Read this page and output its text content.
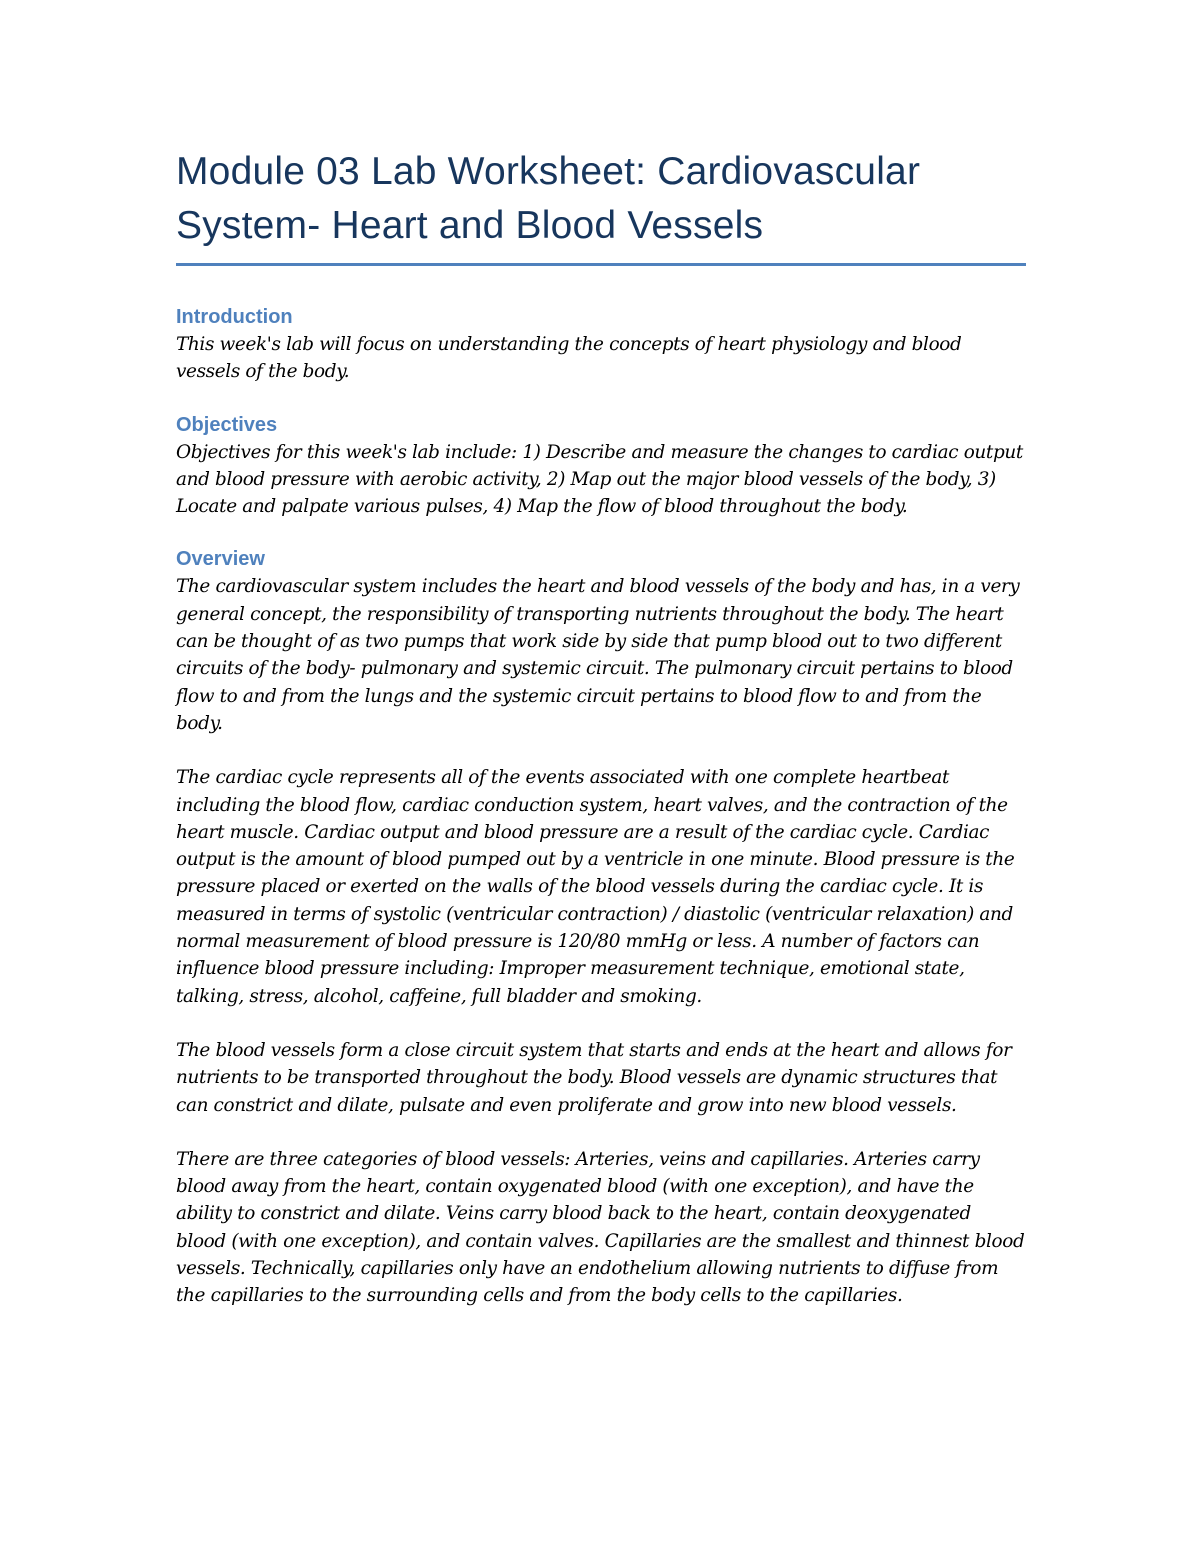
Module 03 Lab Worksheet: Cardiovascular
System- Heart and Blood Vessels
Introduction

This week's lab will focus on understanding the concepts of heart physiology and blood vessels of the body.

Objectives

Objectives for this week's lab include: 1) Describe and measure the changes to cardiac output and blood pressure with aerobic activity, 2) Map out the major blood vessels of the body, 3) Locate and palpate various pulses, 4) Map the flow of blood throughout the body.

Overview

The cardiovascular system includes the heart and blood vessels of the body and has, in a very general concept, the responsibility of transporting nutrients throughout the body. The heart can be thought of as two pumps that work side by side that pump blood out to two different circuits of the body- pulmonary and systemic circuit. The pulmonary circuit pertains to blood flow to and from the lungs and the systemic circuit pertains to blood flow to and from the body.

The cardiac cycle represents all of the events associated with one complete heartbeat including the blood flow, cardiac conduction system, heart valves, and the contraction of the heart muscle. Cardiac output and blood pressure are a result of the cardiac cycle. Cardiac output is the amount of blood pumped out by a ventricle in one minute. Blood pressure is the pressure placed or exerted on the walls of the blood vessels during the cardiac cycle. It is measured in terms of systolic (ventricular contraction) / diastolic (ventricular relaxation) and normal measurement of blood pressure is 120/80 mmHg or less. A number of factors can influence blood pressure including: Improper measurement technique, emotional state, talking, stress, alcohol, caffeine, full bladder and smoking.

The blood vessels form a close circuit system that starts and ends at the heart and allows for nutrients to be transported throughout the body. Blood vessels are dynamic structures that can constrict and dilate, pulsate and even proliferate and grow into new blood vessels.

There are three categories of blood vessels: Arteries, veins and capillaries. Arteries carry blood away from the heart, contain oxygenated blood (with one exception), and have the ability to constrict and dilate. Veins carry blood back to the heart, contain deoxygenated blood (with one exception), and contain valves. Capillaries are the smallest and thinnest blood vessels. Technically, capillaries only have an endothelium allowing nutrients to diffuse from the capillaries to the surrounding cells and from the body cells to the capillaries.
